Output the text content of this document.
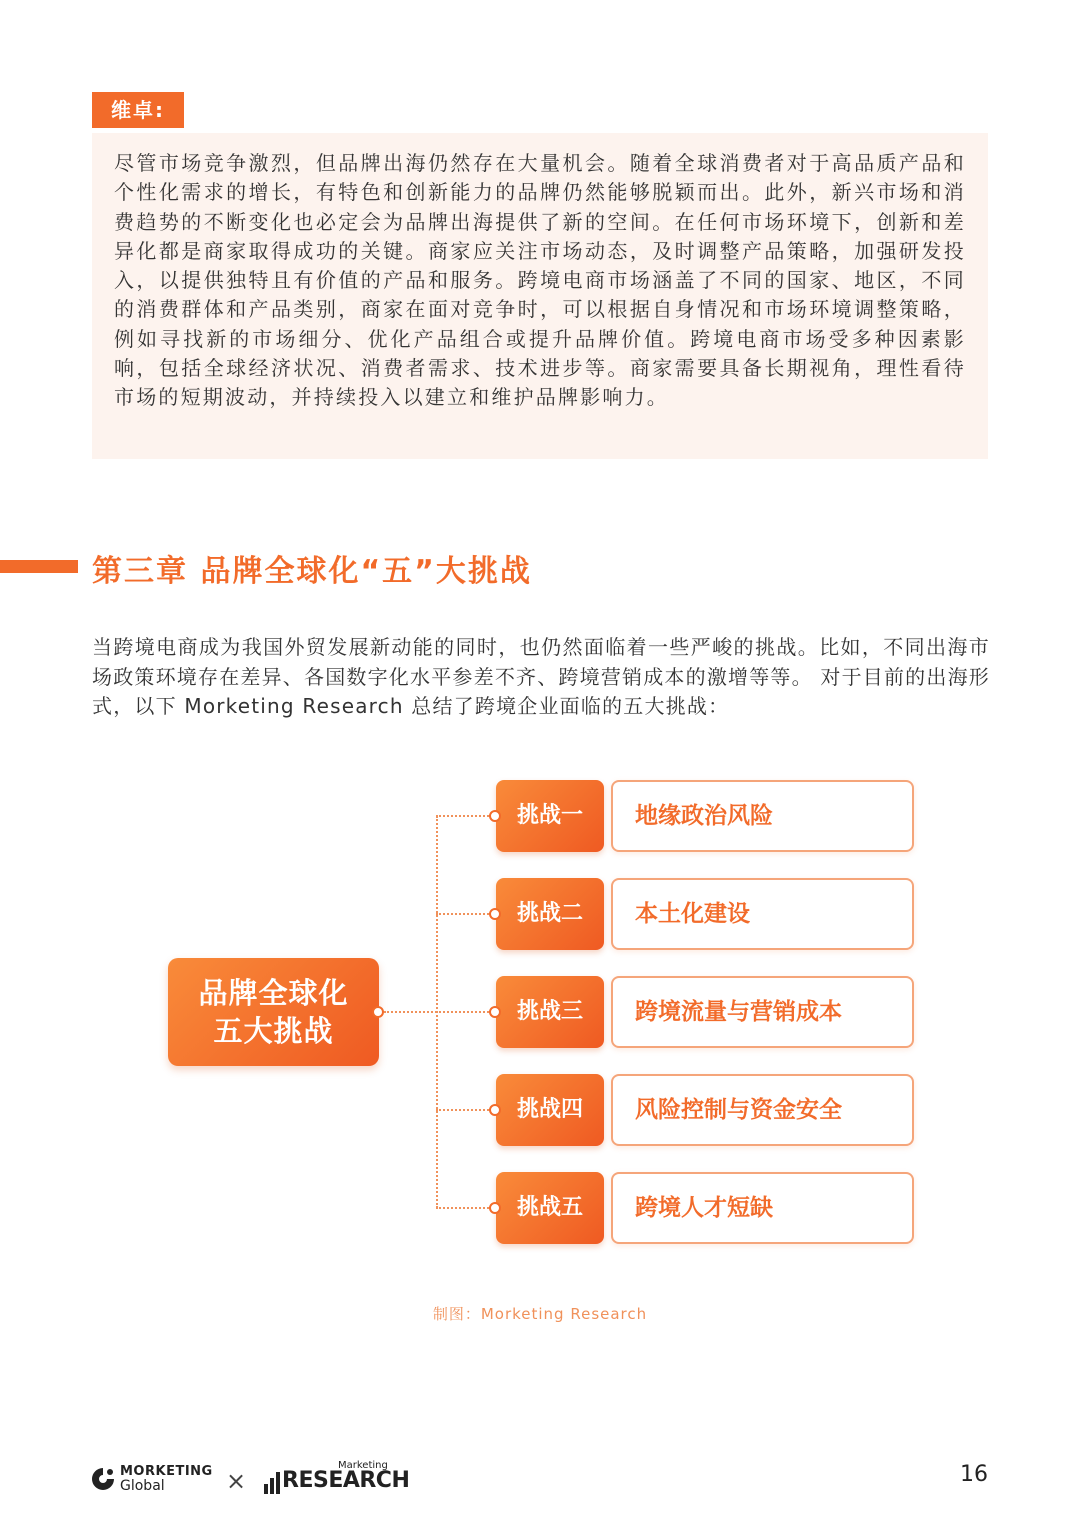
维卓:
尽管市场竞争激烈，但品牌出海仍然存在大量机会。随着全球消费者对于高品质产品和个性化需求的增长，有特色和创新能力的品牌仍然能够脱颖而出。此外，新兴市场和消费趋势的不断变化也必定会为品牌出海提供了新的空间。在任何市场环境下，创新和差异化都是商家取得成功的关键。商家应关注市场动态，及时调整产品策略，加强研发投入，以提供独特且有价值的产品和服务。跨境电商市场涵盖了不同的国家、地区，不同的消费群体和产品类别，商家在面对竞争时，可以根据自身情况和市场环境调整策略，例如寻找新的市场细分、优化产品组合或提升品牌价值。跨境电商市场受多种因素影响，包括全球经济状况、消费者需求、技术进步等。商家需要具备长期视角，理性看待市场的短期波动，并持续投入以建立和维护品牌影响力。
第三章 品牌全球化“五”大挑战
当跨境电商成为我国外贸发展新动能的同时，也仍然面临着一些严峻的挑战。比如，不同出海市场政策环境存在差异、各国数字化水平参差不齐、跨境营销成本的激增等等。 对于目前的出海形式，以下 Morketing Research 总结了跨境企业面临的五大挑战：
品牌全球化
五大挑战
挑战一	地缘政治风险
挑战二	本土化建设
挑战三	跨境流量与营销成本
挑战四	风险控制与资金安全
挑战五	跨境人才短缺
制图：Morketing Research
MORKETING
Global	×
Marketing
RESEARCH	16
